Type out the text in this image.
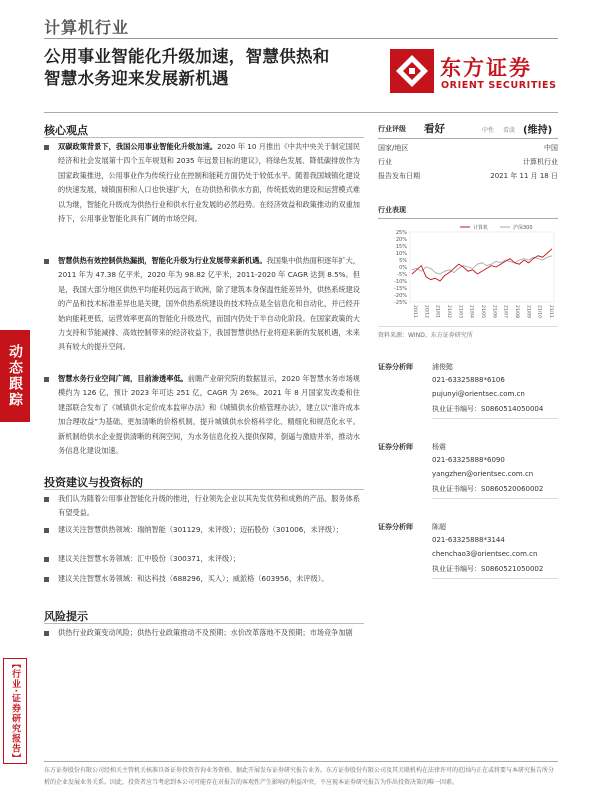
计算机行业
公用事业智能化升级加速，智慧供热和
智慧水务迎来发展新机遇	东方证券
ORIENT SECURITIES
动态跟踪
【行业·证券研究报告】
核心观点
双碳政策背景下，我国公用事业智能化升级加速。2020 年 10 月推出《中共中央关于制定国民经济和社会发展第十四个五年规划和 2035 年远景目标的建议》，将绿色发展、降低碳排放作为国家政策推进，公用事业作为传统行业在控制和能耗方面仍处于较低水平。随着我国城镇化建设的快速发展，城镇面积和人口也快速扩大，在功供热和供水方面，传统低效的建设和运营模式难以为继，智能化升级成为供热行业和供水行业发展的必然趋势。在经济效益和政策推动的双重加持下，公用事业智能化具有广阔的市场空间。
智慧供热有效控制供热漏损，智能化升级为行业发展带来新机遇。我国集中供热面积逐年扩大，2011 年为 47.38 亿平米，2020 年为 98.82 亿平米，2011-2020 年 CAGR 达到 8.5%。但是，我国大部分地区供热平均能耗仍远高于欧洲，除了建筑本身保温性能差异外，供热系统建设的产品和技术标准差异也是关键，国外供热系统建设的技术特点是全信息化和自动化，并已经开始向能耗更低、运营效率更高的智能化升级迭代，而国内仍处于半自动化阶段。在国家政策的大力支持和节能减排、高效控制带来的经济收益下，我国智慧供热行业将迎来新的发展机遇，未来具有较大的提升空间。
智慧水务行业空间广阔，目前渗透率低。前瞻产业研究院的数据显示，2020 年智慧水务市场规模约为 126 亿，预计 2023 年可达 251 亿，CAGR 为 26%。2021 年 8 月国家发改委和住建部联合发布了《城镇供水定价成本监审办法》和《城镇供水价格管理办法》，建立以“准许成本加合理收益”为基础、更加清晰的价格机制，提升城镇供水价格科学化、精细化和规范化水平。新机制给供水企业提供清晰的利润空间，为水务信息化投入提供保障，倒逼与激励并举，推动水务信息化建设加速。
投资建议与投资标的
我们认为随着公用事业智能化升级的推进，行业领先企业以其先发优势和成熟的产品、服务体系有望受益。
建议关注智慧供热领域：瑞纳智能（301129，未评级）；迈拓股份（301006，未评级）；
建议关注智慧水务领域：汇中股份（300371，未评级）；
建议关注智慧水务领域：和达科技（688296，买入）；威派格（603956，未评级）。
风险提示
供热行业政策变动风险；供热行业政策推动不及预期；水价改革落地不及预期；市场竞争加剧
行业评级 看好	中性 看淡 (维持)
国家/地区	中国
行业	计算机行业
报告发布日期	2021 年 11 月 18 日
行业表现
25%
20%
15%
10%
5%
0%
-5%
-10%
-15%
-20%
-25%
20/11 20/12 21/01 21/02 21/03 21/04 21/05 21/06 21/07 21/08 21/09 21/10 21/11
计算机	沪深300
资料来源：WIND、东方证券研究所
证券分析师	浦俊懿
021-63325888*6106
pujunyi@orientsec.com.cn
执业证书编号：S0860514050004
证券分析师	杨震
021-63325888*6090
yangzhen@orientsec.com.cn
执业证书编号：S0860520060002
证券分析师	陈超
021-63325888*3144
chenchao3@orientsec.com.cn
执业证书编号：S0860521050002
东方证券股份有限公司经相关主管机关核准具备证券投资咨询业务资格，据此开展发布证券研究报告业务。东方证券股份有限公司及其关联机构在法律许可的范围内正在或将要与本研究报告所分析的企业发展业务关系。因此，投资者应当考虑到本公司可能存在对报告的客观性产生影响的利益冲突，不应视本证券研究报告为作出投资决策的唯一因素。
